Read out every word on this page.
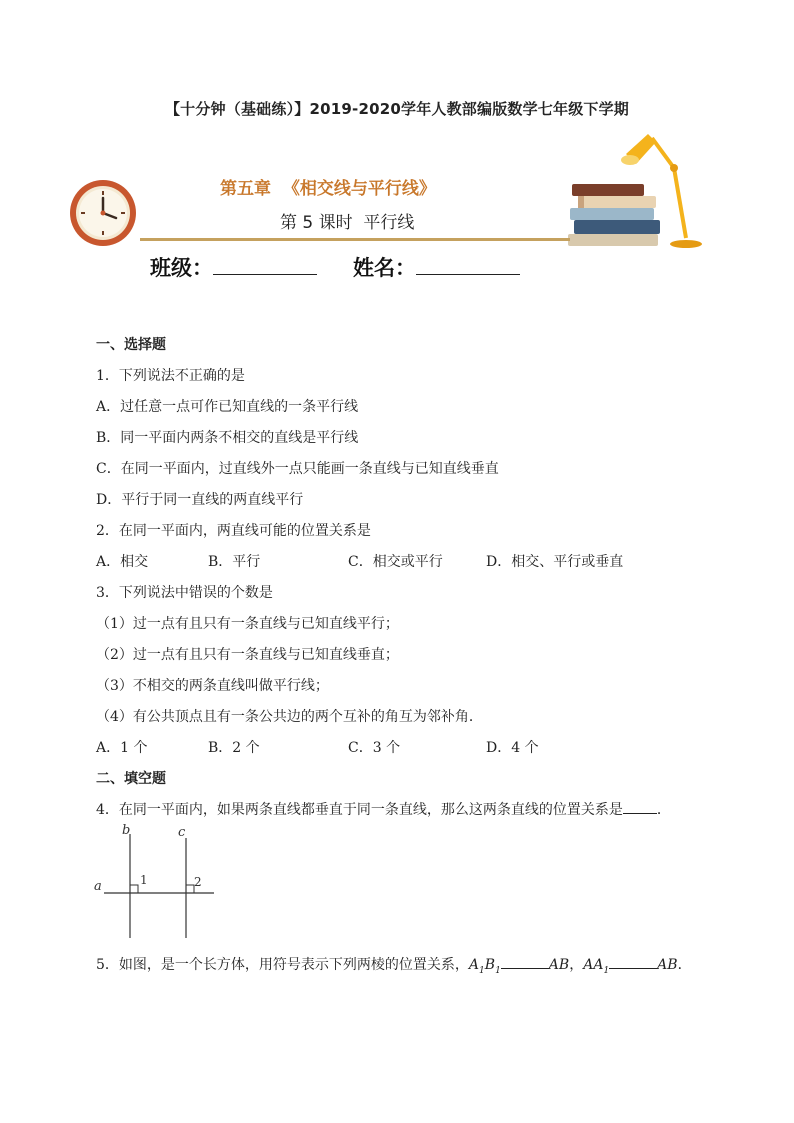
【十分钟（基础练）】2019-2020学年人教部编版数学七年级下学期
第五章  《相交线与平行线》
第 5 课时  平行线
班级：	姓名：
一、选择题
1．下列说法不正确的是
A．过任意一点可作已知直线的一条平行线
B．同一平面内两条不相交的直线是平行线
C．在同一平面内，过直线外一点只能画一条直线与已知直线垂直
D．平行于同一直线的两直线平行
2．在同一平面内，两直线可能的位置关系是
A．相交	B．平行	C．相交或平行	D．相交、平行或垂直
3．下列说法中错误的个数是
（1）过一点有且只有一条直线与已知直线平行；
（2）过一点有且只有一条直线与已知直线垂直；
（3）不相交的两条直线叫做平行线；
（4）有公共顶点且有一条公共边的两个互补的角互为邻补角．
A．1 个	B．2 个	C．3 个	D．4 个
二、填空题
4．在同一平面内，如果两条直线都垂直于同一条直线，那么这两条直线的位置关系是 ．
a
b	c
1	2
5．如图，是一个长方体，用符号表示下列两棱的位置关系，$A_1B_1$	AB，$AA_1$	AB．
